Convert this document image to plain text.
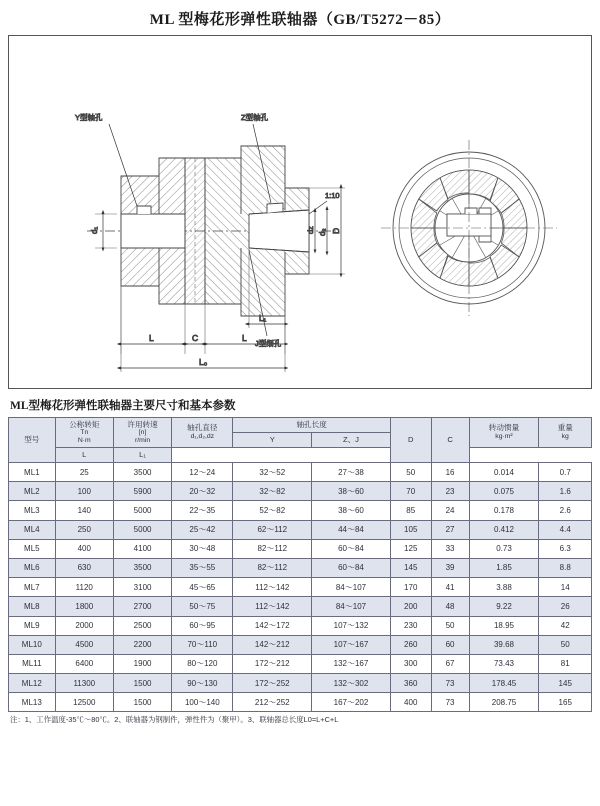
ML 型梅花形弹性联轴器（GB/T5272－85）
Y型轴孔	Z型轴孔
J型细孔
1:10
d₁	dz d₂ D
L	C	L
L₁
L₀
ML型梅花形弹性联轴器主要尺寸和基本参数
型号	公称转矩
Tn
N·m	许用转速
[n]
r/min	轴孔直径
d₁,d₂,dz	轴孔长度		D	C	转动惯量
kg·m²	重量
kg

				Y	Z、J				
	L	L₁							
ML1	25	3500	12～24	32～52	27～38	50	16	0.014	0.7
ML2	100	5900	20～32	32～82	38～60	70	23	0.075	1.6
ML3	140	5000	22～35	52～82	38～60	85	24	0.178	2.6
ML4	250	5000	25～42	62～112	44～84	105	27	0.412	4.4
ML5	400	4100	30～48	82～112	60～84	125	33	0.73	6.3
ML6	630	3500	35～55	82～112	60～84	145	39	1.85	8.8
ML7	1120	3100	45～65	112～142	84～107	170	41	3.88	14
ML8	1800	2700	50～75	112～142	84～107	200	48	9.22	26
ML9	2000	2500	60～95	142～172	107～132	230	50	18.95	42
ML10	4500	2200	70～110	142～212	107～167	260	60	39.68	50
ML11	6400	1900	80～120	172～212	132～167	300	67	73.43	81
ML12	11300	1500	90～130	172～252	132～302	360	73	178.45	145
ML13	12500	1500	100～140	212～252	167～202	400	73	208.75	165
注：1、工作温度-35℃～80℃。2、联轴器为钢制件，弹性件为（聚甲）。3、联轴器总长度L0=L+C+L
